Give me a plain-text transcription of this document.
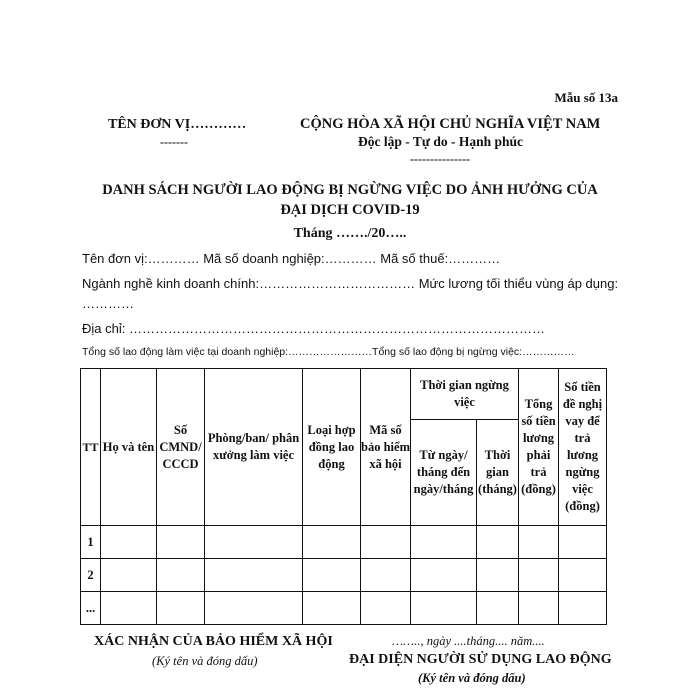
Mẫu số 13a
TÊN ĐƠN VỊ…………
-------
CỘNG HÒA XÃ HỘI CHỦ NGHĨA VIỆT NAM
Độc lập - Tự do - Hạnh phúc
---------------
DANH SÁCH NGƯỜI LAO ĐỘNG BỊ NGỪNG VIỆC DO ẢNH HƯỞNG CỦA ĐẠI DỊCH COVID-19
Tháng ……./20…..
Tên đơn vị:………… Mã số doanh nghiệp:………… Mã số thuế:…………
Ngành nghề kinh doanh chính:……………………………… Mức lương tối thiểu vùng áp dụng:
…………
Địa chỉ: ……………………………………………………………………………………
Tổng số lao động làm việc tại doanh nghiệp:……………………Tổng số lao động bị ngừng việc:……………
TT	Họ và tên	Số CMND/ CCCD	Phòng/ban/ phân xưởng làm việc	Loại hợp đồng lao động	Mã số bảo hiểm xã hội	Thời gian ngừng việc		Tổng số tiền lương phải trả (đồng)	Số tiền đề nghị vay để trả lương ngừng việc (đồng)
						Từ ngày/ tháng đến ngày/tháng	Thời gian (tháng)		
1									
2									
...									
XÁC NHẬN CỦA BẢO HIỂM XÃ HỘI
(Ký tên và đóng dấu)
…….., ngày ....tháng.... năm....
ĐẠI DIỆN NGƯỜI SỬ DỤNG LAO ĐỘNG
(Ký tên và đóng dấu)
